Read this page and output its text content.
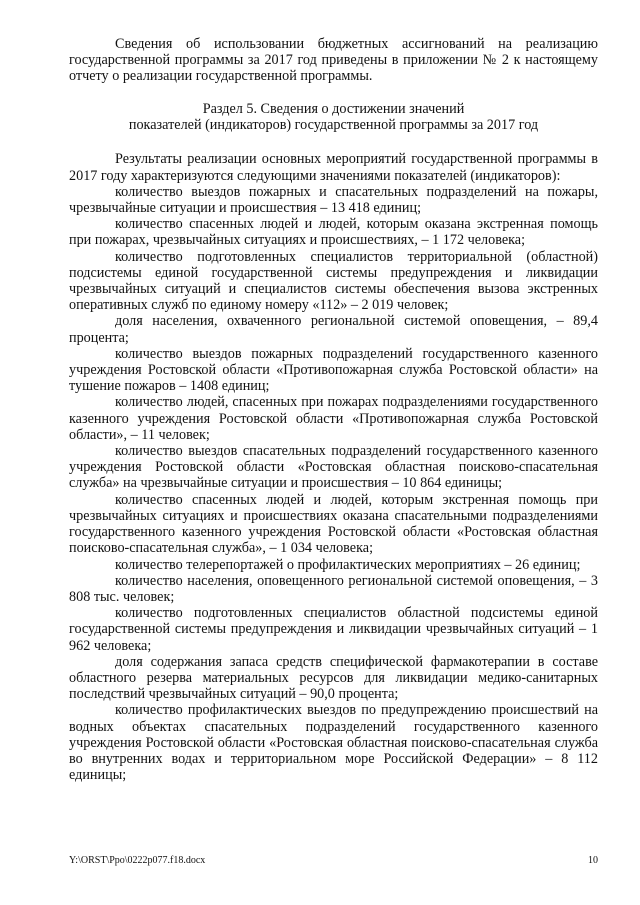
Сведения об использовании бюджетных ассигнований на реализацию государственной программы за 2017 год приведены в приложении № 2 к настоящему отчету о реализации государственной программы.

Раздел 5. Сведения о достижении значений
показателей (индикаторов) государственной программы за 2017 год

Результаты реализации основных мероприятий государственной программы в 2017 году характеризуются следующими значениями показателей (индикаторов):

количество выездов пожарных и спасательных подразделений на пожары, чрезвычайные ситуации и происшествия – 13 418 единиц;

количество спасенных людей и людей, которым оказана экстренная помощь при пожарах, чрезвычайных ситуациях и происшествиях, – 1 172 человека;

количество подготовленных специалистов территориальной (областной) подсистемы единой государственной системы предупреждения и ликвидации чрезвычайных ситуаций и специалистов системы обеспечения вызова экстренных оперативных служб по единому номеру «112» – 2 019 человек;

доля населения, охваченного региональной системой оповещения, – 89,4 процента;

количество выездов пожарных подразделений государственного казенного учреждения Ростовской области «Противопожарная служба Ростовской области» на тушение пожаров – 1408 единиц;

количество людей, спасенных при пожарах подразделениями государственного казенного учреждения Ростовской области «Противопожарная служба Ростовской области», – 11 человек;

количество выездов спасательных подразделений государственного казенного учреждения Ростовской области «Ростовская областная поисково-спасательная служба» на чрезвычайные ситуации и происшествия – 10 864 единицы;

количество спасенных людей и людей, которым экстренная помощь при чрезвычайных ситуациях и происшествиях оказана спасательными подразделениями государственного казенного учреждения Ростовской области «Ростовская областная поисково-спасательная служба», – 1 034 человека;

количество телерепортажей о профилактических мероприятиях – 26 единиц;

количество населения, оповещенного региональной системой оповещения, – 3 808 тыс. человек;

количество подготовленных специалистов областной подсистемы единой государственной системы предупреждения и ликвидации чрезвычайных ситуаций – 1 962 человека;

доля содержания запаса средств специфической фармакотерапии в составе областного резерва материальных ресурсов для ликвидации медико-санитарных последствий чрезвычайных ситуаций – 90,0 процента;

количество профилактических выездов по предупреждению происшествий на водных объектах спасательных подразделений государственного казенного учреждения Ростовской области «Ростовская областная поисково-спасательная служба во внутренних водах и территориальном море Российской Федерации» – 8 112 единицы;

Y:\ORST\Ppo\0222p077.f18.docx	10
